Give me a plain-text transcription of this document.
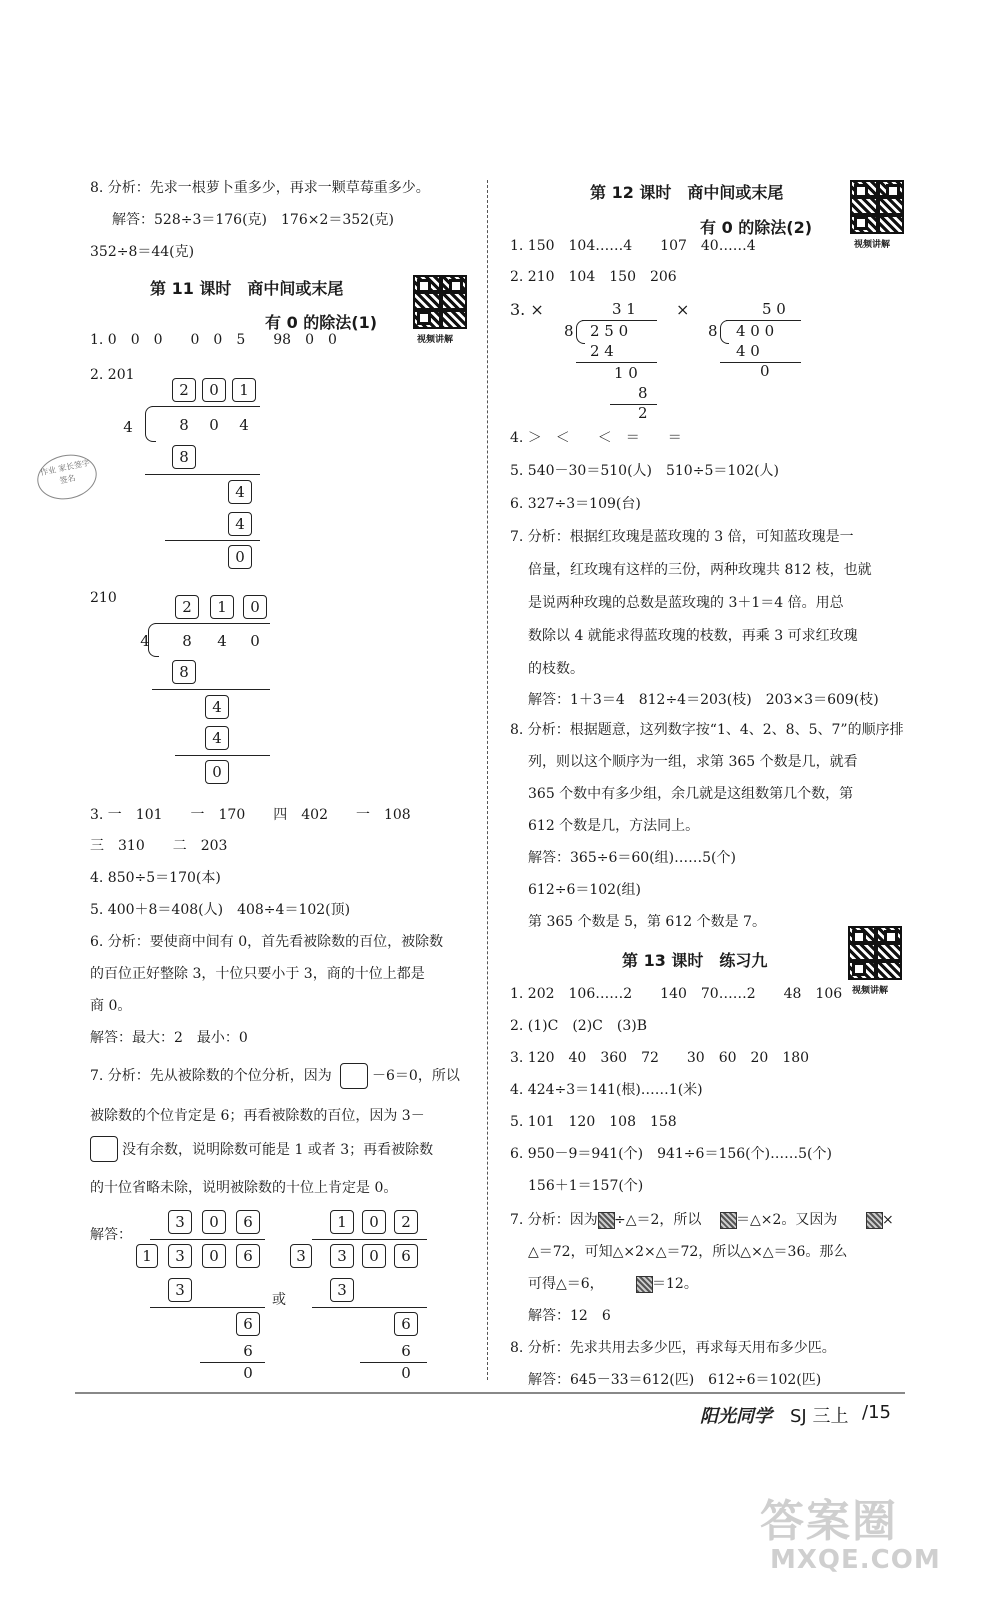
8. 分析：先求一根萝卜重多少，再求一颗草莓重多少。
解答：528÷3＝176(克)　176×2＝352(克)
352÷8＝44(克)
第 11 课时　商中间或末尾
有 0 的除法(1)
视频讲解
1. 0　0　0　　0　0　5　　98　0　0
2. 201
2	0	1
4	8	0	4
8
4
4
0
作业 家长签字 签名
210	2	1	0
4	8	4	0
8
4
4
0
3. 一　101　　一　170　　四　402　　一　108
三　310　　二　203
4. 850÷5＝170(本)
5. 400＋8＝408(人)　408÷4＝102(顶)
6. 分析：要使商中间有 0，首先看被除数的百位，被除数
的百位正好整除 3，十位只要小于 3，商的十位上都是
商 0。
解答：最大：2　最小：0
7. 分析：先从被除数的个位分析，因为	－6＝0，所以
被除数的个位肯定是 6；再看被除数的百位，因为 3－
没有余数，说明除数可能是 1 或者 3；再看被除数
的十位省略未除，说明被除数的十位上肯定是 0。
解答：
3	0	6
1	3	0	6
3
6
6
0
或
1	0	2
3	3	0	6
3
6
6
0
第 12 课时　商中间或末尾
有 0 的除法(2)
视频讲解
1. 150　104……4　　107　40……4
2. 210　104　150　206
3. ×	3 1
8 2 5 0
2 4
1 0
8
2
×	5 0
8 4 0 0
4 0
0
4. ＞　＜　　＜　＝　　＝
5. 540－30＝510(人)　510÷5＝102(人)
6. 327÷3＝109(台)
7. 分析：根据红玫瑰是蓝玫瑰的 3 倍，可知蓝玫瑰是一
倍量，红玫瑰有这样的三份，两种玫瑰共 812 枝，也就
是说两种玫瑰的总数是蓝玫瑰的 3＋1＝4 倍。用总
数除以 4 就能求得蓝玫瑰的枝数，再乘 3 可求红玫瑰
的枝数。
解答：1＋3＝4　812÷4＝203(枝)　203×3＝609(枝)
8. 分析：根据题意，这列数字按“1、4、2、8、5、7”的顺序排
列，则以这个顺序为一组，求第 365 个数是几，就看
365 个数中有多少组，余几就是这组数第几个数，第
612 个数是几，方法同上。
解答：365÷6＝60(组)……5(个)
612÷6＝102(组)
第 365 个数是 5，第 612 个数是 7。
第 13 课时　练习九
视频讲解
1. 202　106……2　　140　70……2　　48　106
2. (1)C　(2)C　(3)B
3. 120　40　360　72　　30　60　20　180
4. 424÷3＝141(根)……1(米)
5. 101　120　108　158
6. 950－9＝941(个)　941÷6＝156(个)……5(个)
156＋1＝157(个)
7. 分析：因为 ÷△＝2，所以 ＝△×2。又因为	×
△＝72，可知△×2×△＝72，所以△×△＝36。那么
可得△＝6，	＝12。
解答：12　6
8. 分析：先求共用去多少匹，再求每天用布多少匹。
解答：645－33＝612(匹)　612÷6＝102(匹)
阳光同学 SJ 三上 /15
答案圈
MXQE.COM
